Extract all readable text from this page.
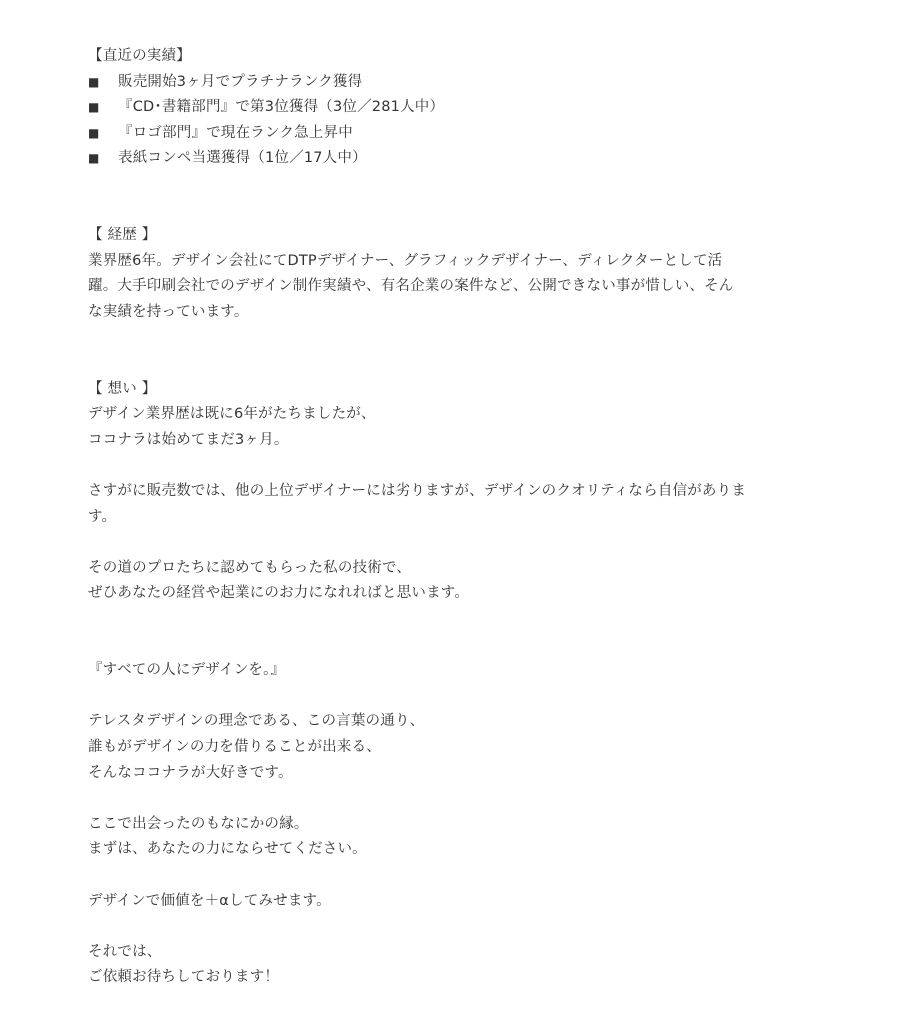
【直近の実績】
■	販売開始3ヶ月でプラチナランク獲得
■	『CD･書籍部門』で第3位獲得（3位／281人中）
■	『ロゴ部門』で現在ランク急上昇中
■	表紙コンペ当選獲得（1位／17人中）
【 経歴 】
業界歴6年。デザイン会社にてDTPデザイナー、グラフィックデザイナー、ディレクターとして活
躍。大手印刷会社でのデザイン制作実績や、有名企業の案件など、公開できない事が惜しい、そん
な実績を持っています。
【 想い 】
デザイン業界歴は既に6年がたちましたが、
ココナラは始めてまだ3ヶ月。
さすがに販売数では、他の上位デザイナーには劣りますが、デザインのクオリティなら自信がありま
す。
その道のプロたちに認めてもらった私の技術で、
ぜひあなたの経営や起業にのお力になれればと思います。
『すべての人にデザインを。』
テレスタデザインの理念である、この言葉の通り、
誰もがデザインの力を借りることが出来る、
そんなココナラが大好きです。
ここで出会ったのもなにかの縁。
まずは、あなたの力にならせてください。
デザインで価値を＋αしてみせます。
それでは、
ご依頼お待ちしております！
